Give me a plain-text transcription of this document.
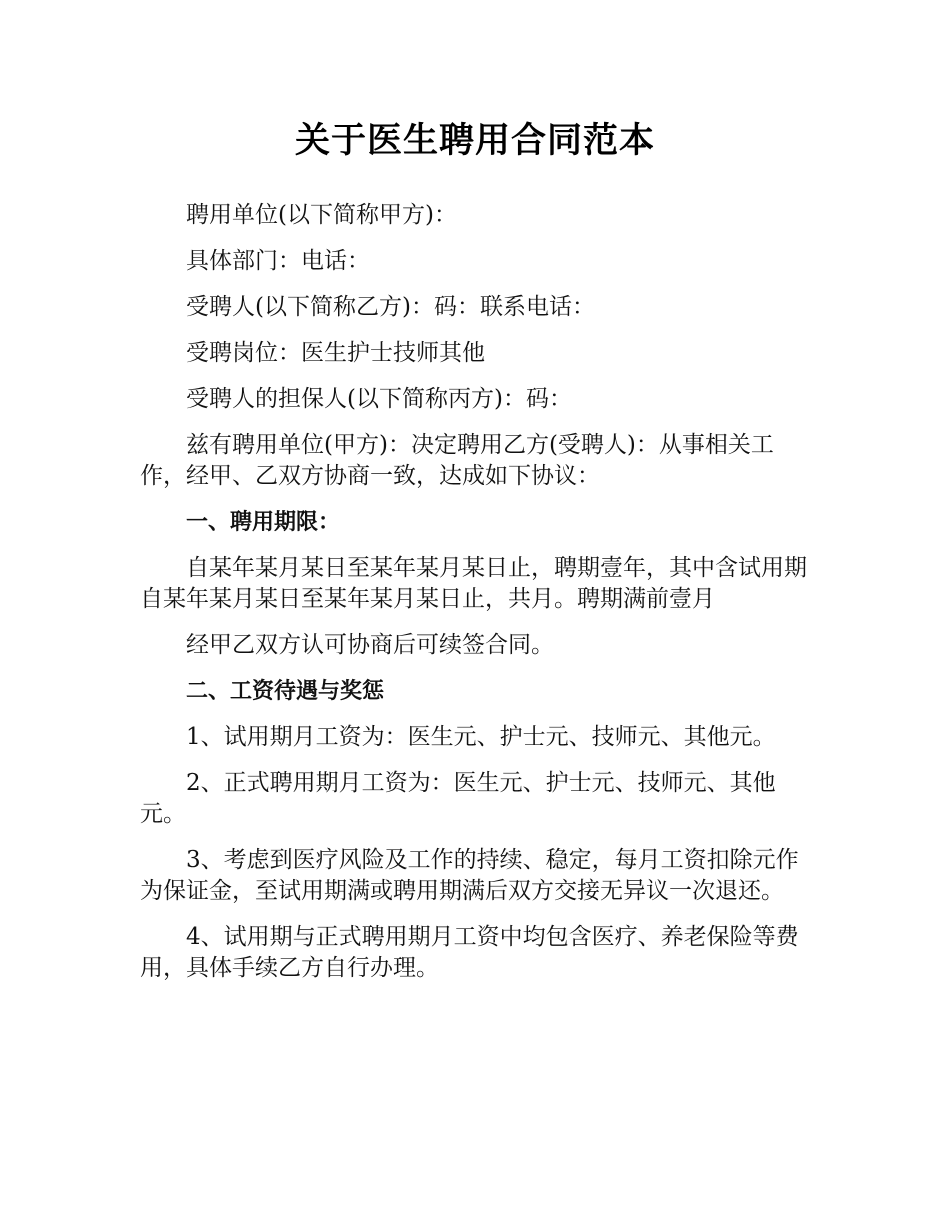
关于医生聘用合同范本

聘用单位(以下简称甲方)：

具体部门：电话：

受聘人(以下简称乙方)：码：联系电话：

受聘岗位：医生护士技师其他

受聘人的担保人(以下简称丙方)：码：

兹有聘用单位(甲方)：决定聘用乙方(受聘人)：从事相关工作，经甲、乙双方协商一致，达成如下协议：

一、聘用期限：

自某年某月某日至某年某月某日止，聘期壹年，其中含试用期自某年某月某日至某年某月某日止，共月。聘期满前壹月

经甲乙双方认可协商后可续签合同。

二、工资待遇与奖惩

1、试用期月工资为：医生元、护士元、技师元、其他元。

2、正式聘用期月工资为：医生元、护士元、技师元、其他元。

3、考虑到医疗风险及工作的持续、稳定，每月工资扣除元作为保证金，至试用期满或聘用期满后双方交接无异议一次退还。

4、试用期与正式聘用期月工资中均包含医疗、养老保险等费用，具体手续乙方自行办理。
